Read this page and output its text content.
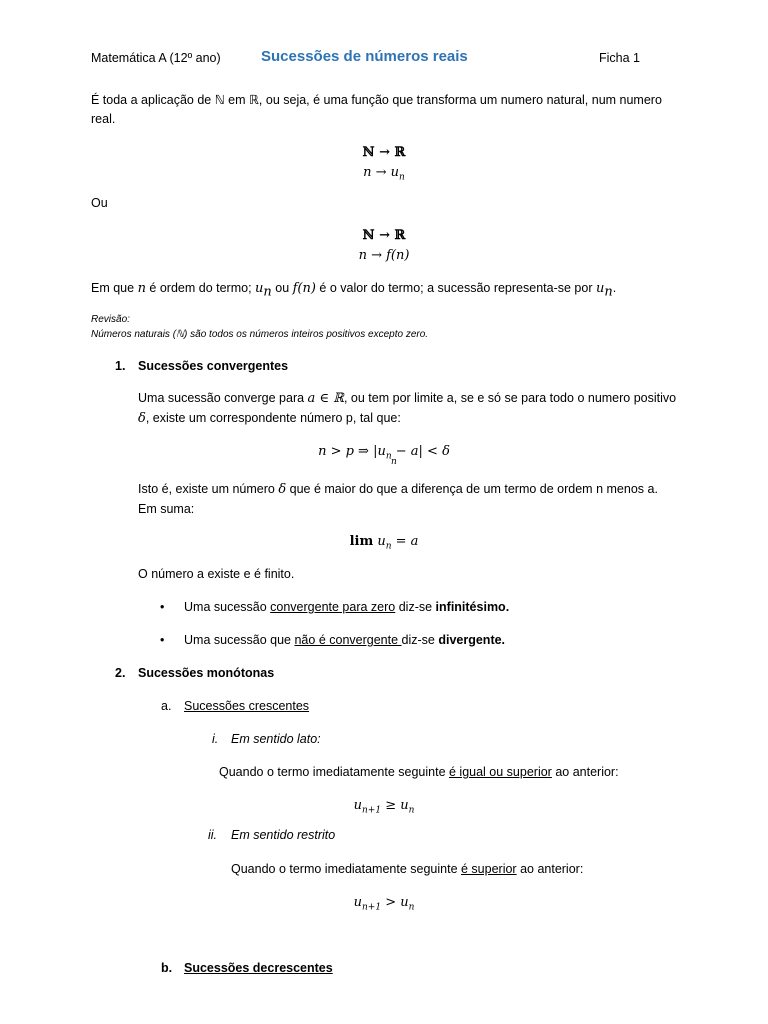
Matemática A (12º ano)	Sucessões de números reais	Ficha 1
É toda a aplicação de ℕ em ℝ, ou seja, é uma função que transforma um numero natural, num numero
real.
ℕ → ℝ
$n \to u_n$
Ou
ℕ → ℝ
n → f(n)
Em que n é ordem do termo; $u_n$ ou f(n) é o valor do termo; a sucessão representa-se por $u_n$.
Revisão:
Números naturais (ℕ) são todos os números inteiros positivos excepto zero.
1. Sucessões convergentes
Uma sucessão converge para a ∈ ℝ, ou tem por limite a, se e só se para todo o numero positivo
δ, existe um correspondente número p, tal que:
n > p ⇒ $|u_n - a| < \delta$
n
Isto é, existe um número δ que é maior do que a diferença de um termo de ordem n menos a.
Em suma:
$\lim u_n = a$
O número a existe e é finito.
• Uma sucessão convergente para zero diz-se infinitésimo.
• Uma sucessão que não é convergente diz-se divergente.
2. Sucessões monótonas
a. Sucessões crescentes
i. Em sentido lato:
Quando o termo imediatamente seguinte é igual ou superior ao anterior:
$u_{n+1} \ge u_n$
ii. Em sentido restrito
Quando o termo imediatamente seguinte é superior ao anterior:
$u_{n+1} > u_n$
b. Sucessões decrescentes
